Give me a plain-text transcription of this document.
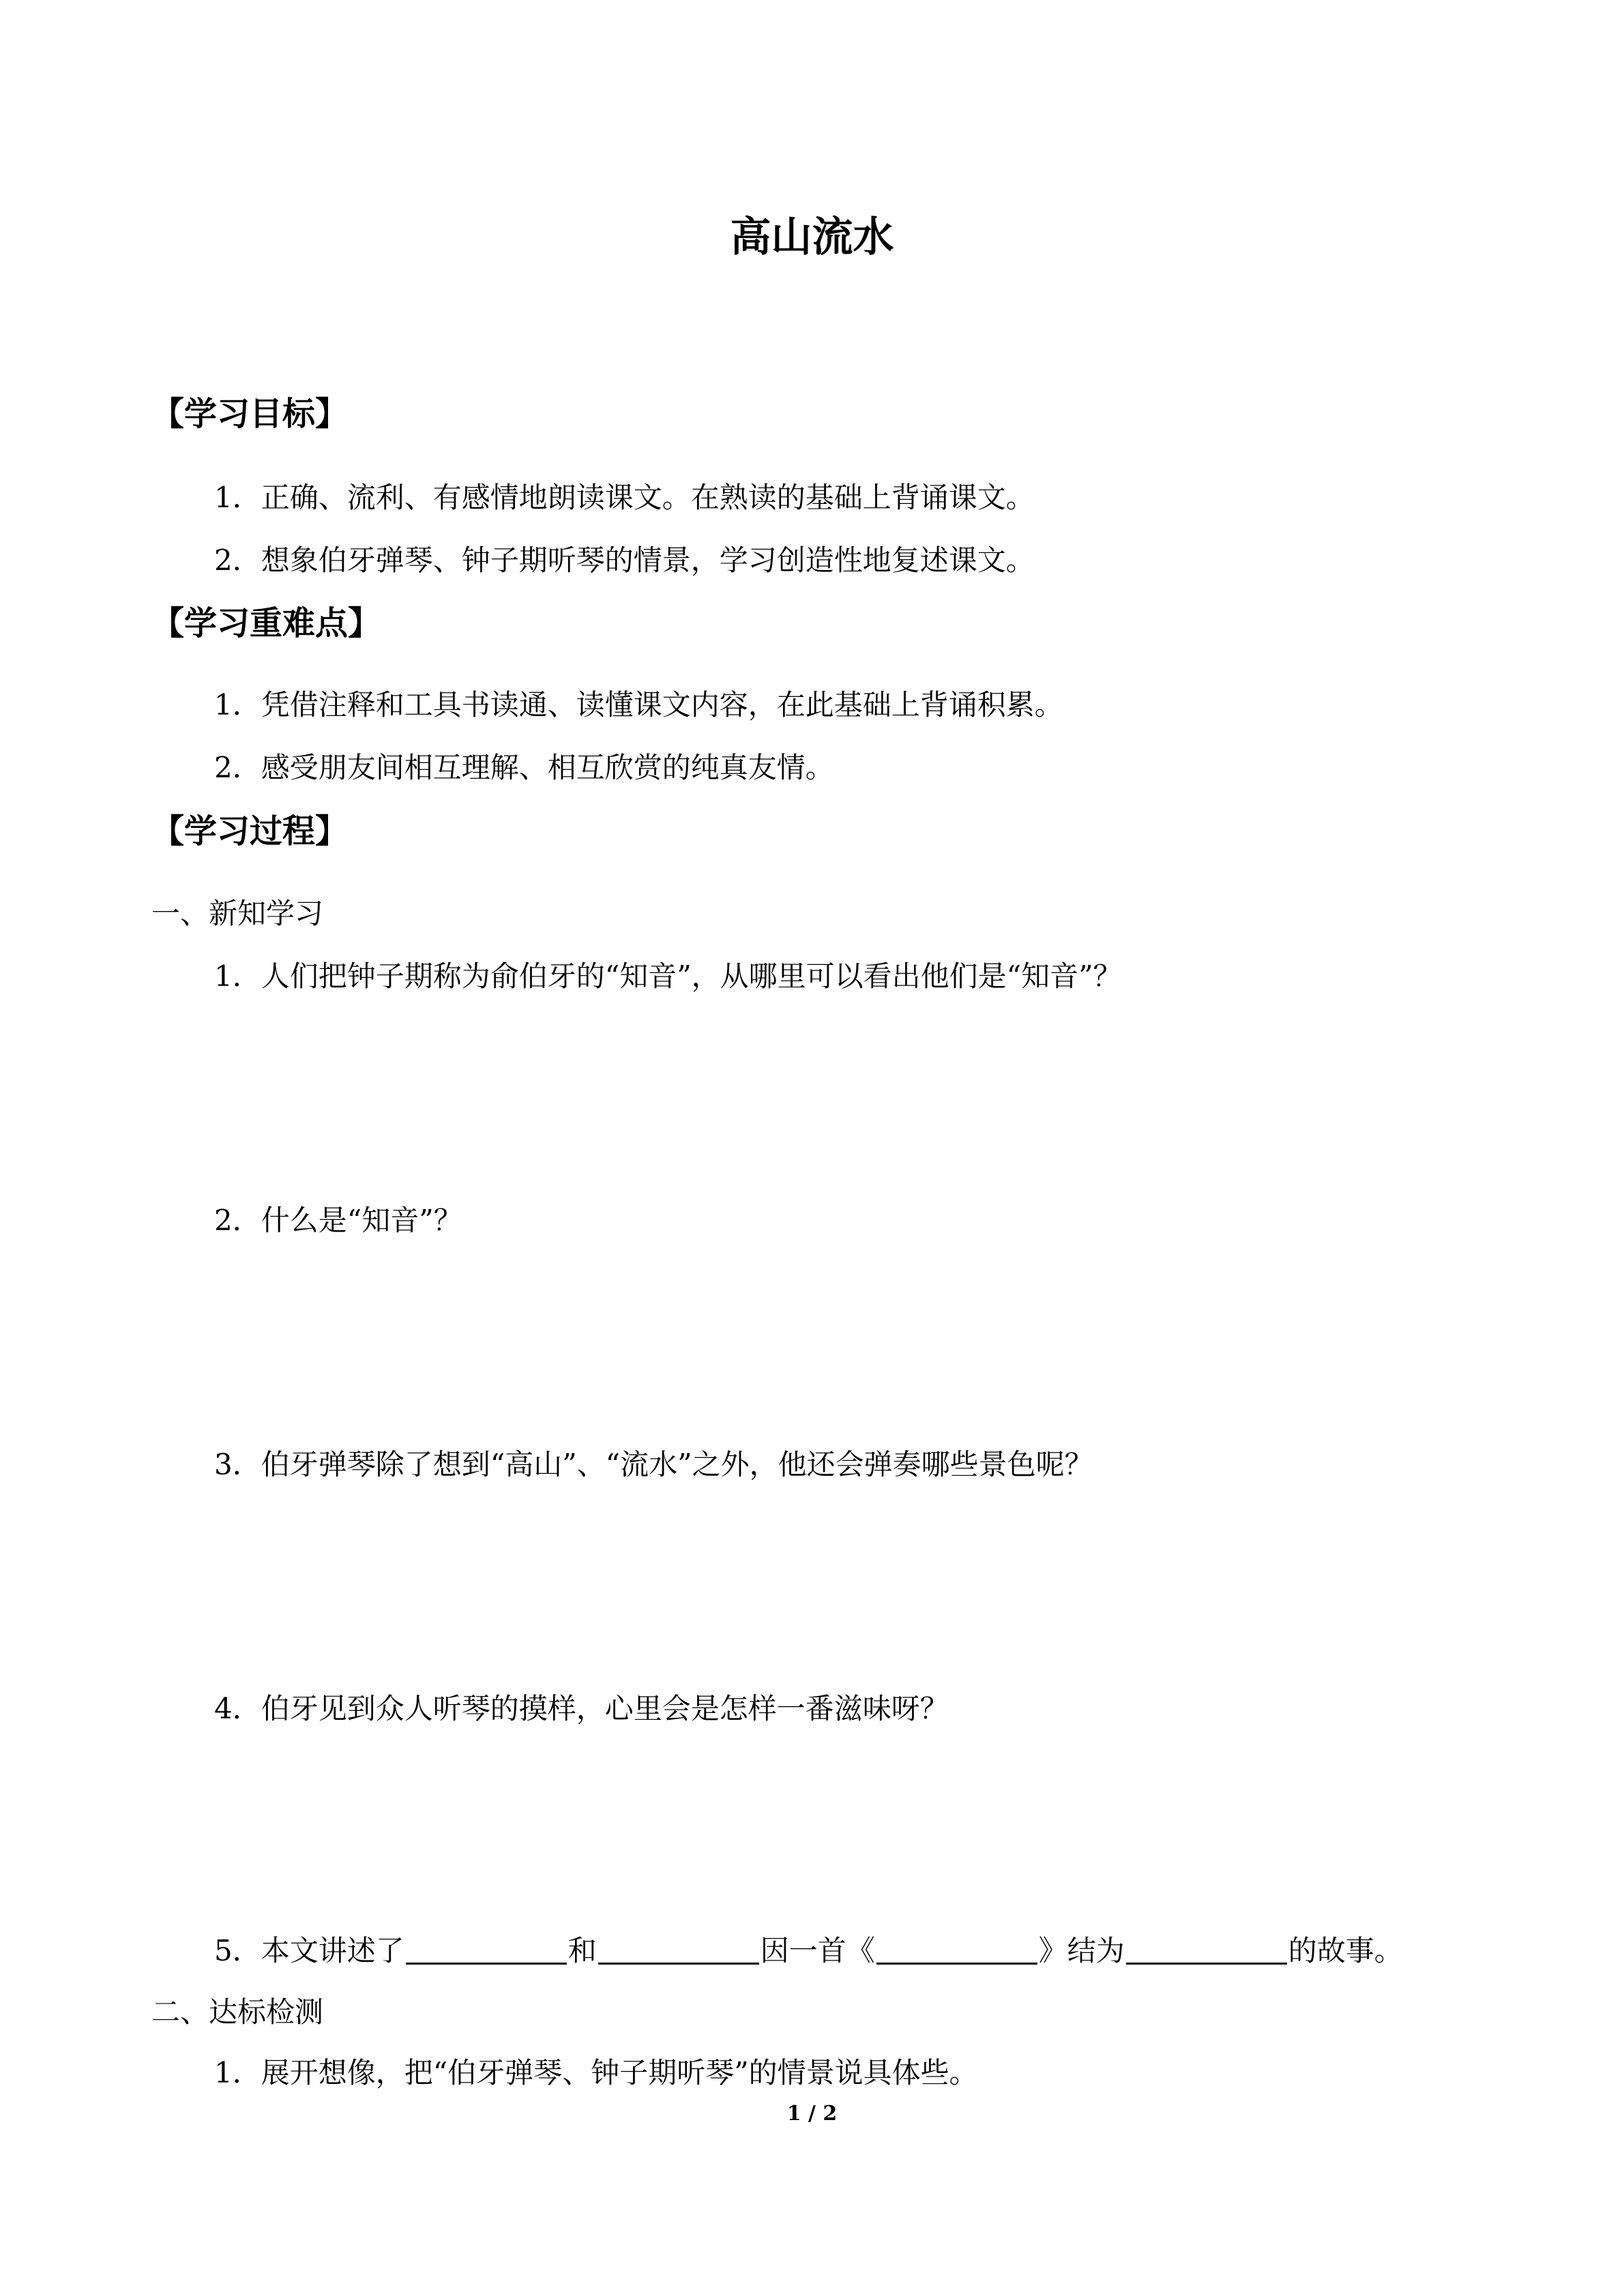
高山流水
【学习目标】
1．正确、流利、有感情地朗读课文。在熟读的基础上背诵课文。
2．想象伯牙弹琴、钟子期听琴的情景，学习创造性地复述课文。
【学习重难点】
1．凭借注释和工具书读通、读懂课文内容，在此基础上背诵积累。
2．感受朋友间相互理解、相互欣赏的纯真友情。
【学习过程】
一、新知学习
1．人们把钟子期称为俞伯牙的“知音”，从哪里可以看出他们是“知音”？
2．什么是“知音”？
3．伯牙弹琴除了想到“高山”、“流水”之外，他还会弹奏哪些景色呢？
4．伯牙见到众人听琴的摸样，心里会是怎样一番滋味呀？
5．本文讲述了	和	因一首《	》结为	的故事。
二、达标检测
1．展开想像，把“伯牙弹琴、钟子期听琴”的情景说具体些。
1 / 2
